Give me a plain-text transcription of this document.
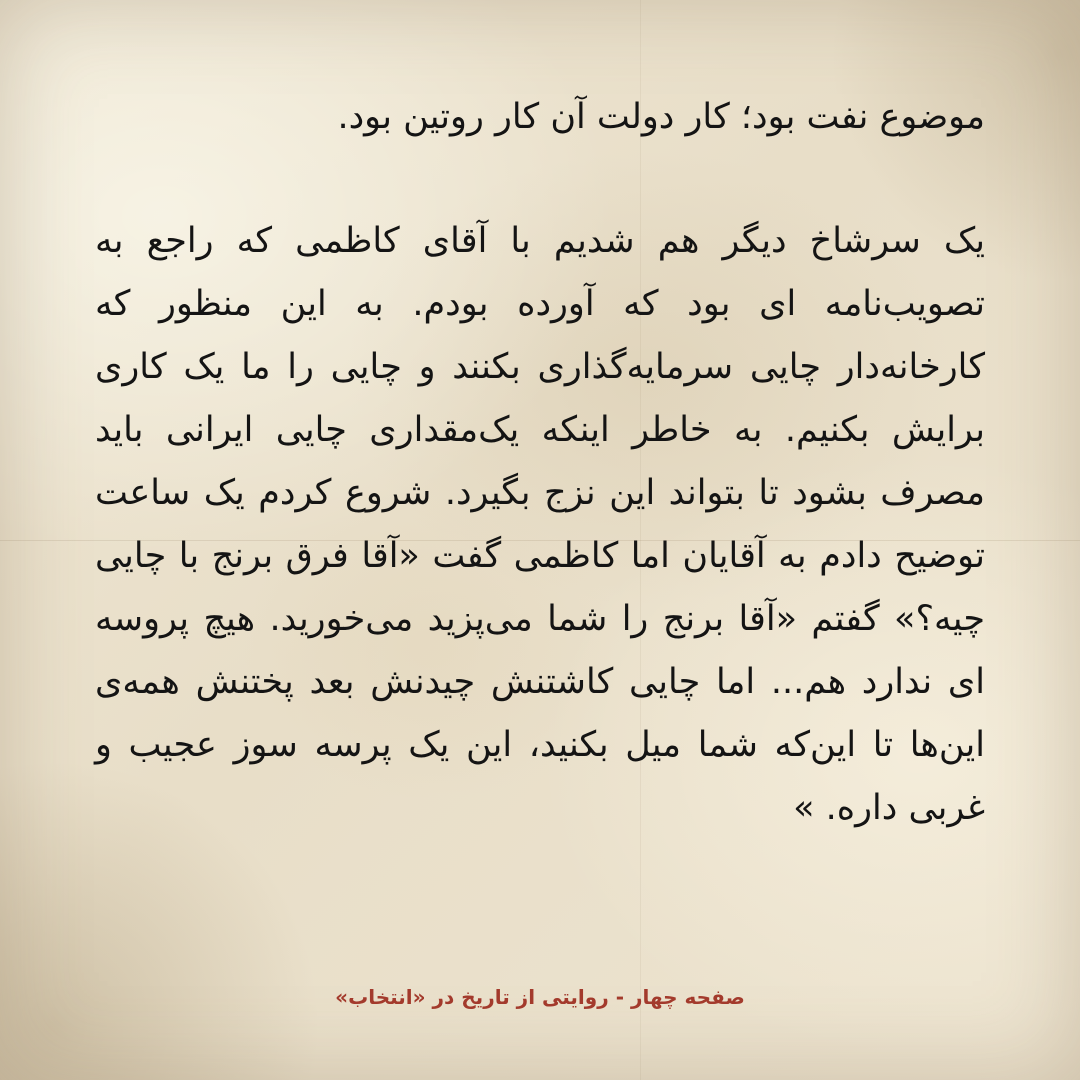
موضوع نفت بود؛ کار دولت آن کار روتین بود.
یک سرشاخ دیگر هم شدیم با آقای کاظمی که راجع به تصویب‌نامه ای بود که آورده بودم. به این منظور که کارخانه‌دار چایی سرمایه‌گذاری بکنند و چایی را ما یک کاری برایش بکنیم. به خاطر اینکه یک‌مقداری چایی ایرانی باید مصرف بشود تا بتواند این نزج بگیرد. شروع کردم یک ساعت توضیح دادم به آقایان اما کاظمی گفت «آقا فرق برنج با چایی چیه؟» گفتم «آقا برنج را شما می‌پزید می‌خورید. هیچ پروسه ای ندارد هم... اما چایی کاشتنش چیدنش بعد پختنش همه‌ی این‌ها تا این‌که شما میل بکنید، این یک پرسه سوز عجیب و غربی داره. »
صفحه چهار - روایتی از تاریخ در «انتخاب»
